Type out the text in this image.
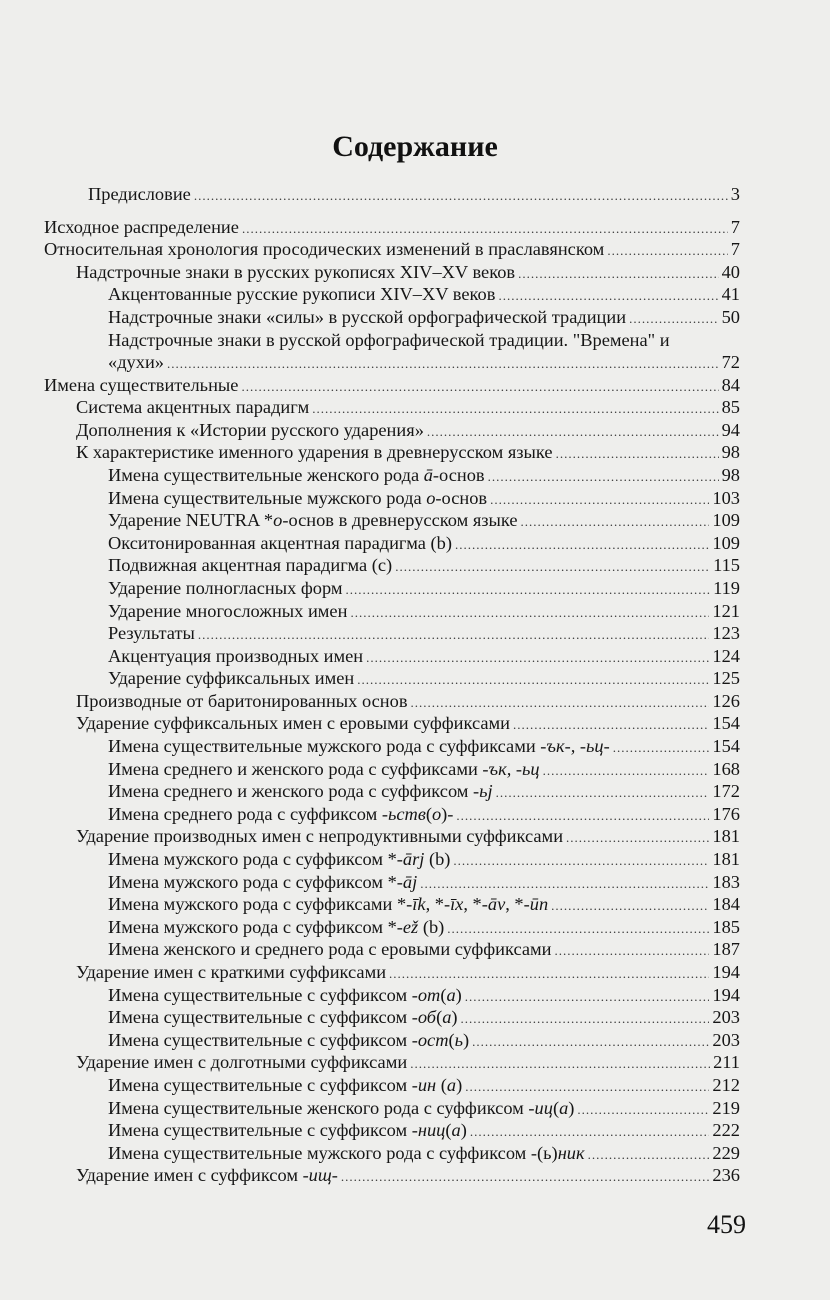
Содержание
Предисловие .....	3
Исходное распределение .....	7
Относительная хронология просодических изменений в праславянском .....	7
Надстрочные знаки в русских рукописях XIV–XV веков .....	40
Акцентованные русские рукописи XIV–XV веков .....	41
Надстрочные знаки «силы» в русской орфографической традиции .....	50
Надстрочные знаки в русской орфографической традиции. "Времена" и
«духи» .....	72
Имена существительные .....	84
Система акцентных парадигм .....	85
Дополнения к «Истории русского ударения» .....	94
К характеристике именного ударения в древнерусском языке .....	98
Имена существительные женского рода ā-основ .....	98
Имена существительные мужского рода o-основ .....	103
Ударение NEUTRA *o-основ в древнерусском языке .....	109
Окситонированная акцентная парадигма (b) .....	109
Подвижная акцентная парадигма (c) .....	115
Ударение полногласных форм .....	119
Ударение многосложных имен .....	121
Результаты .....	123
Акцентуация производных имен .....	124
Ударение суффиксальных имен .....	125
Производные от баритонированных основ .....	126
Ударение суффиксальных имен с еровыми суффиксами .....	154
Имена существительные мужского рода с суффиксами -ък-, -ьц- .....	154
Имена среднего и женского рода с суффиксами -ък, -ьц .....	168
Имена среднего и женского рода с суффиксом -ьj .....	172
Имена среднего рода с суффиксом -ьств(о)- .....	176
Ударение производных имен с непродуктивными суффиксами .....	181
Имена мужского рода с суффиксом *-ārj (b) .....	181
Имена мужского рода с суффиксом *-āj .....	183
Имена мужского рода с суффиксами *-īk, *-īx, *-āv, *-ūn .....	184
Имена мужского рода с суффиксом *-ež (b) .....	185
Имена женского и среднего рода с еровыми суффиксами .....	187
Ударение имен с краткими суффиксами .....	194
Имена существительные с суффиксом -от(а) .....	194
Имена существительные с суффиксом -об(а) .....	203
Имена существительные с суффиксом -ост(ь) .....	203
Ударение имен с долготными суффиксами .....	211
Имена существительные с суффиксом -ин (а) .....	212
Имена существительные женского рода с суффиксом -иц(а) .....	219
Имена существительные с суффиксом -ниц(а) .....	222
Имена существительные мужского рода с суффиксом -(ь)ник .....	229
Ударение имен с суффиксом -ищ- .....	236
459
